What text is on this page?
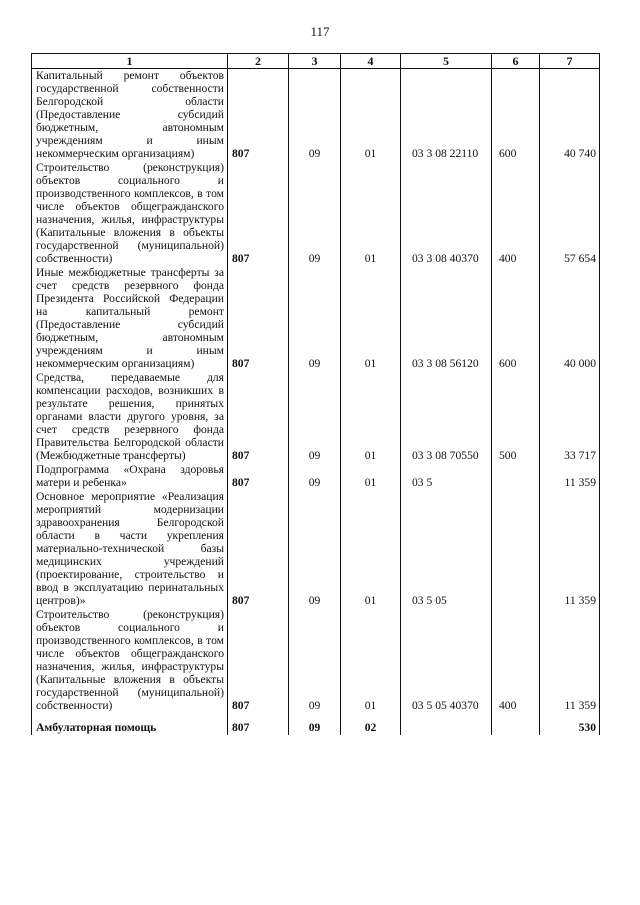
117
1	2	3	4	5	6	7
Капитальный ремонт объектов государственной собственности Белгородской области (Предоставление субсидий бюджетным, автономным учреждениям и иным некоммерческим организациям)	807	09	01	03 3 08 22110	600	40 740
Строительство (реконструкция) объектов социального и производственного комплексов, в том числе объектов общегражданского назначения, жилья, инфраструктуры (Капитальные вложения в объекты государственной (муниципальной) собственности)	807	09	01	03 3 08 40370	400	57 654
Иные межбюджетные трансферты за счет средств резервного фонда Президента Российской Федерации на капитальный ремонт (Предоставление субсидий бюджетным, автономным учреждениям и иным некоммерческим организациям)	807	09	01	03 3 08 56120	600	40 000
Средства, передаваемые для компенсации расходов, возникших в результате решения, принятых органами власти другого уровня, за счет средств резервного фонда Правительства Белгородской области (Межбюджетные трансферты)	807	09	01	03 3 08 70550	500	33 717
Подпрограмма «Охрана здоровья матери и ребенка»	807	09	01	03 5		11 359
Основное мероприятие «Реализация мероприятий модернизации здравоохранения Белгородской области в части укрепления материально-технической базы медицинских учреждений (проектирование, строительство и ввод в эксплуатацию перинатальных центров)»	807	09	01	03 5 05		11 359
Строительство (реконструкция) объектов социального и производственного комплексов, в том числе объектов общегражданского назначения, жилья, инфраструктуры (Капитальные вложения в объекты государственной (муниципальной) собственности)	807	09	01	03 5 05 40370	400	11 359
Амбулаторная помощь	807	09	02			530
